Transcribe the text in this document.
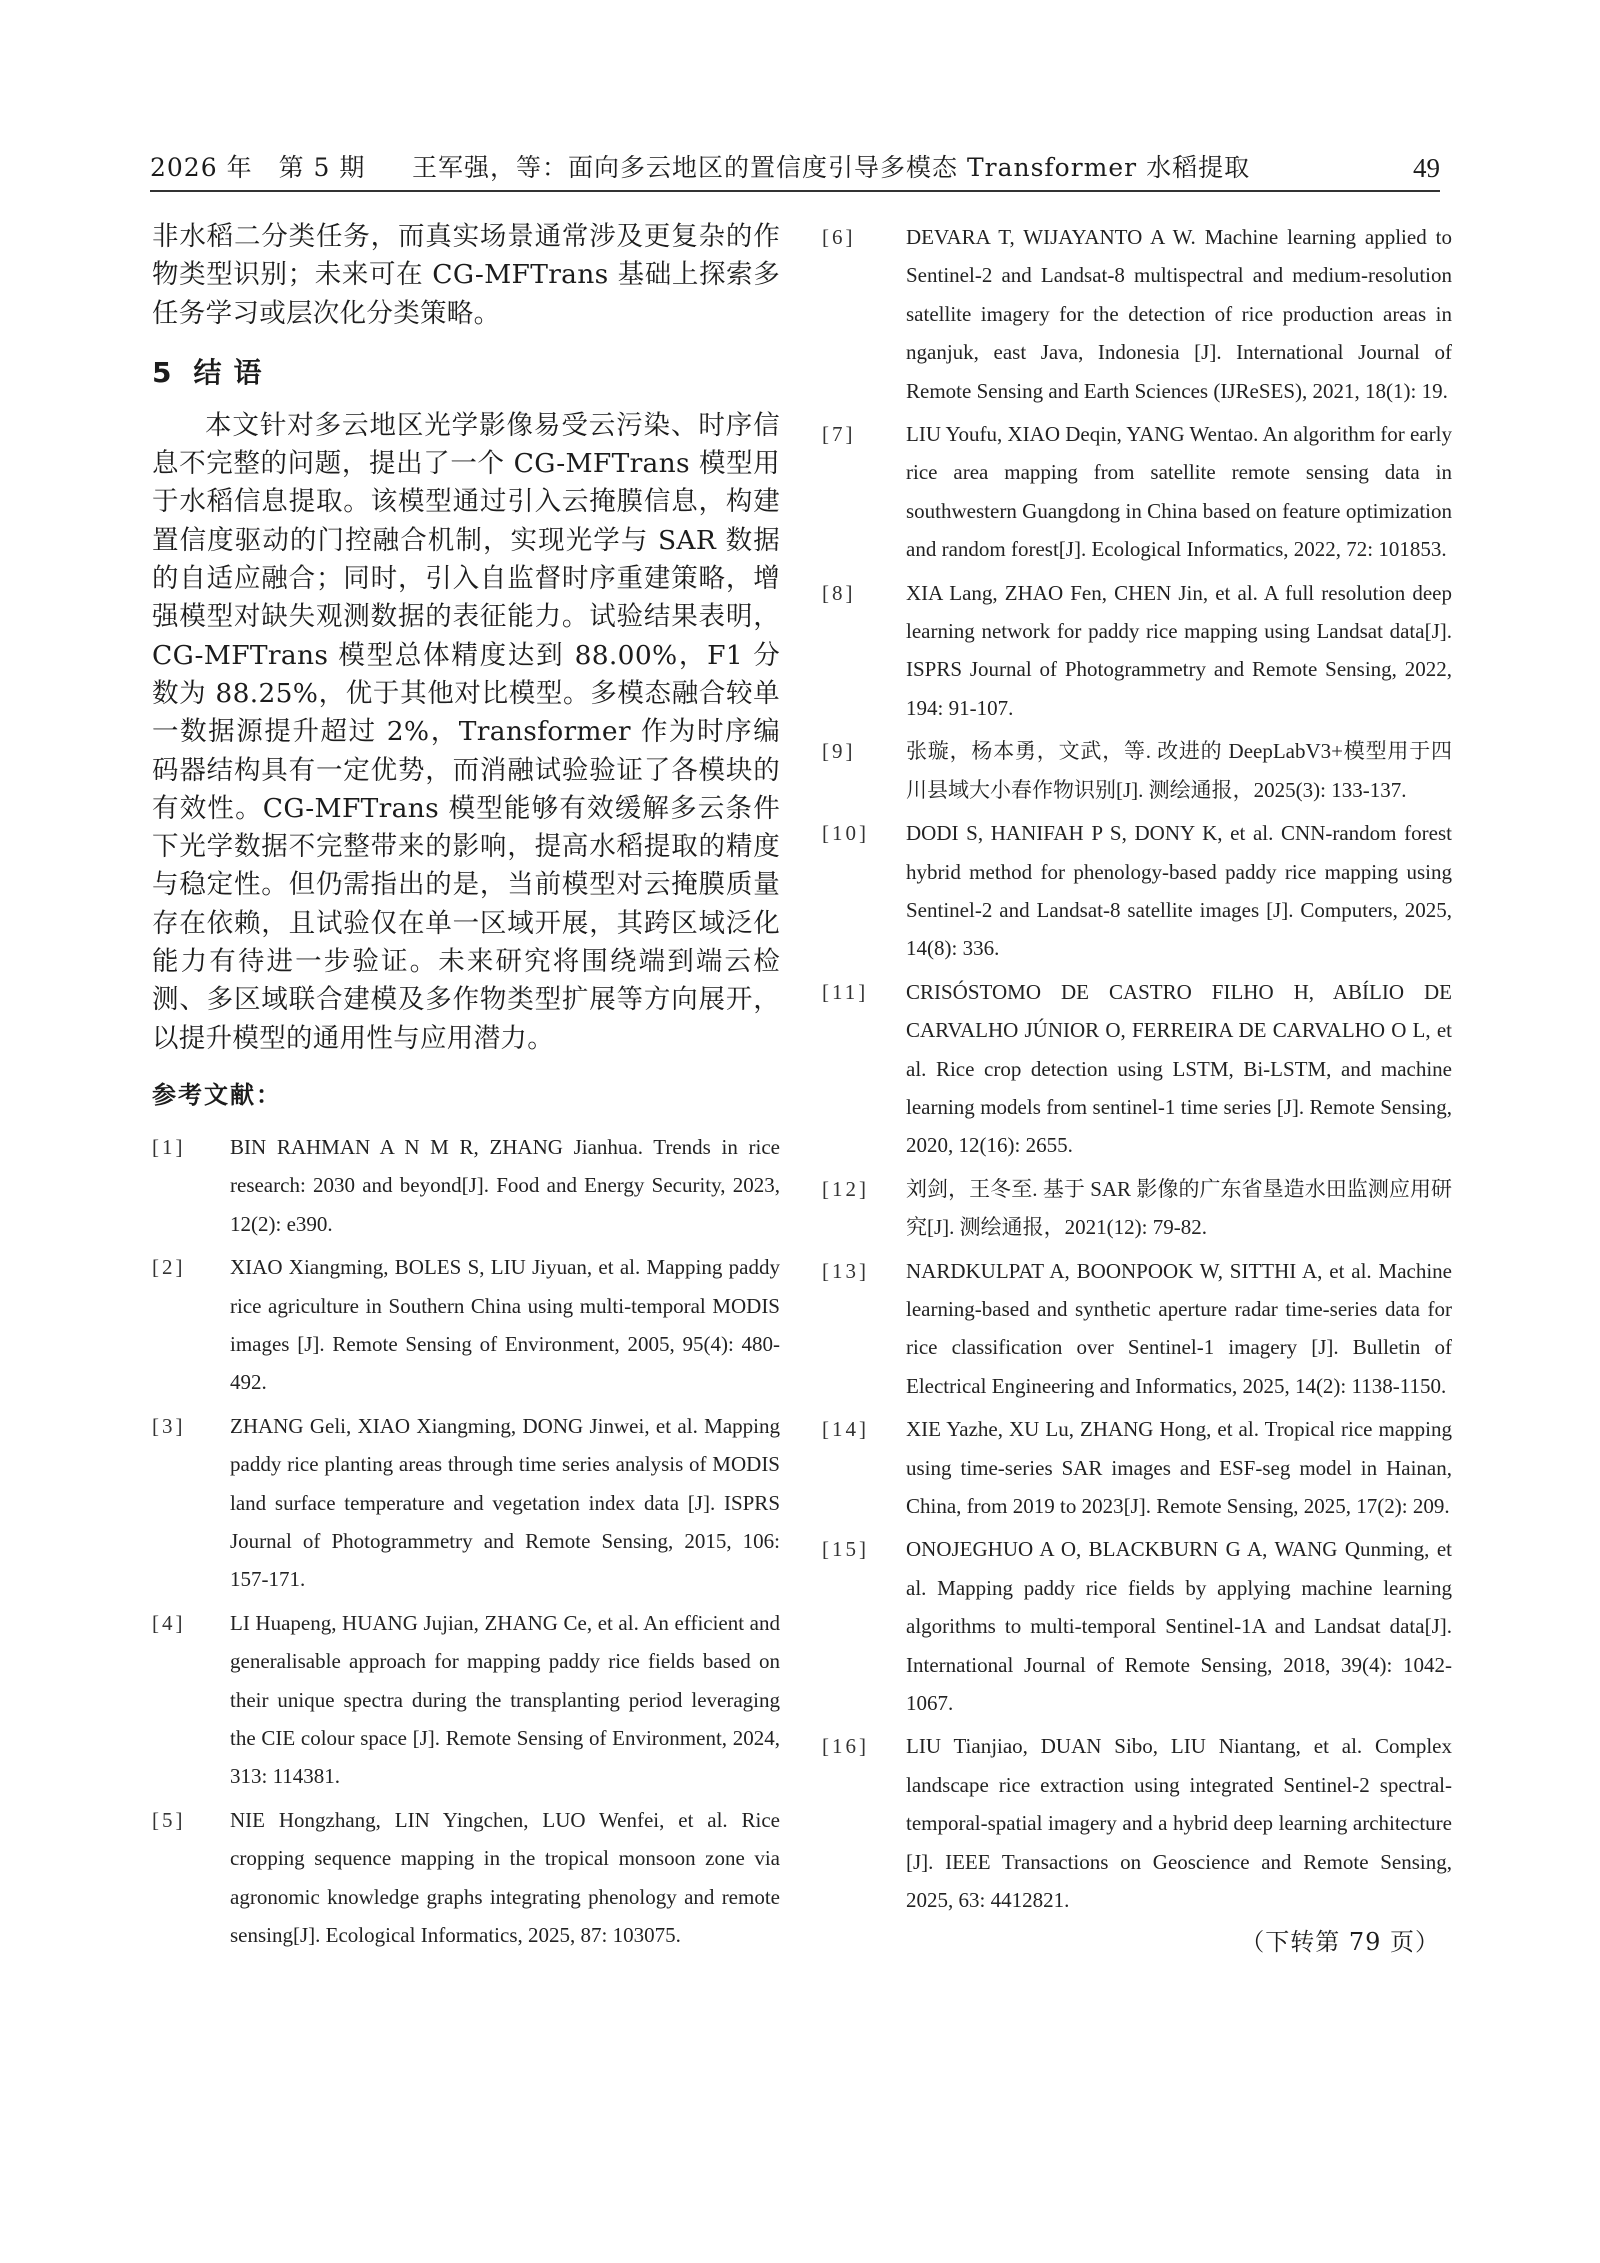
2026 年　第 5 期 王军强，等：面向多云地区的置信度引导多模态 Transformer 水稻提取	49

非水稻二分类任务，而真实场景通常涉及更复杂的作物类型识别；未来可在 CG-MFTrans 基础上探索多任务学习或层次化分类策略。

5 结语

本文针对多云地区光学影像易受云污染、时序信息不完整的问题，提出了一个 CG-MFTrans 模型用于水稻信息提取。该模型通过引入云掩膜信息，构建置信度驱动的门控融合机制，实现光学与 SAR 数据的自适应融合；同时，引入自监督时序重建策略，增强模型对缺失观测数据的表征能力。试验结果表明，CG-MFTrans 模型总体精度达到 88.00%，F1 分数为 88.25%，优于其他对比模型。多模态融合较单一数据源提升超过 2%，Transformer 作为时序编码器结构具有一定优势，而消融试验验证了各模块的有效性。CG-MFTrans 模型能够有效缓解多云条件下光学数据不完整带来的影响，提高水稻提取的精度与稳定性。但仍需指出的是，当前模型对云掩膜质量存在依赖，且试验仅在单一区域开展，其跨区域泛化能力有待进一步验证。未来研究将围绕端到端云检测、多区域联合建模及多作物类型扩展等方向展开，以提升模型的通用性与应用潜力。

参考文献：
[1] BIN RAHMAN A N M R, ZHANG Jianhua. Trends in rice research: 2030 and beyond[J]. Food and Energy Security, 2023, 12(2): e390.
[2] XIAO Xiangming, BOLES S, LIU Jiyuan, et al. Mapping paddy rice agriculture in Southern China using multi-temporal MODIS images [J]. Remote Sensing of Environment, 2005, 95(4): 480-492.
[3] ZHANG Geli, XIAO Xiangming, DONG Jinwei, et al. Mapping paddy rice planting areas through time series analysis of MODIS land surface temperature and vegetation index data [J]. ISPRS Journal of Photogrammetry and Remote Sensing, 2015, 106: 157-171.
[4] LI Huapeng, HUANG Jujian, ZHANG Ce, et al. An efficient and generalisable approach for mapping paddy rice fields based on their unique spectra during the transplanting period leveraging the CIE colour space [J]. Remote Sensing of Environment, 2024, 313: 114381.
[5] NIE Hongzhang, LIN Yingchen, LUO Wenfei, et al. Rice cropping sequence mapping in the tropical monsoon zone via agronomic knowledge graphs integrating phenology and remote sensing[J]. Ecological Informatics, 2025, 87: 103075.
[6] DEVARA T, WIJAYANTO A W. Machine learning applied to Sentinel-2 and Landsat-8 multispectral and medium-resolution satellite imagery for the detection of rice production areas in nganjuk, east Java, Indonesia [J]. International Journal of Remote Sensing and Earth Sciences (IJReSES), 2021, 18(1): 19.
[7] LIU Youfu, XIAO Deqin, YANG Wentao. An algorithm for early rice area mapping from satellite remote sensing data in southwestern Guangdong in China based on feature optimization and random forest[J]. Ecological Informatics, 2022, 72: 101853.
[8] XIA Lang, ZHAO Fen, CHEN Jin, et al. A full resolution deep learning network for paddy rice mapping using Landsat data[J]. ISPRS Journal of Photogrammetry and Remote Sensing, 2022, 194: 91-107.
[9] 张璇，杨本勇，文武，等. 改进的 DeepLabV3+模型用于四川县域大小春作物识别[J]. 测绘通报，2025(3): 133-137.
[10] DODI S, HANIFAH P S, DONY K, et al. CNN-random forest hybrid method for phenology-based paddy rice mapping using Sentinel-2 and Landsat-8 satellite images [J]. Computers, 2025, 14(8): 336.
[11] CRISÓSTOMO DE CASTRO FILHO H, ABÍLIO DE CARVALHO JÚNIOR O, FERREIRA DE CARVALHO O L, et al. Rice crop detection using LSTM, Bi-LSTM, and machine learning models from sentinel-1 time series [J]. Remote Sensing, 2020, 12(16): 2655.
[12] 刘剑，王冬至. 基于 SAR 影像的广东省垦造水田监测应用研究[J]. 测绘通报，2021(12): 79-82.
[13] NARDKULPAT A, BOONPOOK W, SITTHI A, et al. Machine learning-based and synthetic aperture radar time-series data for rice classification over Sentinel-1 imagery [J]. Bulletin of Electrical Engineering and Informatics, 2025, 14(2): 1138-1150.
[14] XIE Yazhe, XU Lu, ZHANG Hong, et al. Tropical rice mapping using time-series SAR images and ESF-seg model in Hainan, China, from 2019 to 2023[J]. Remote Sensing, 2025, 17(2): 209.
[15] ONOJEGHUO A O, BLACKBURN G A, WANG Qunming, et al. Mapping paddy rice fields by applying machine learning algorithms to multi-temporal Sentinel-1A and Landsat data[J]. International Journal of Remote Sensing, 2018, 39(4): 1042-1067.
[16] LIU Tianjiao, DUAN Sibo, LIU Niantang, et al. Complex landscape rice extraction using integrated Sentinel-2 spectral-temporal-spatial imagery and a hybrid deep learning architecture [J]. IEEE Transactions on Geoscience and Remote Sensing, 2025, 63: 4412821.
（下转第 79 页）
